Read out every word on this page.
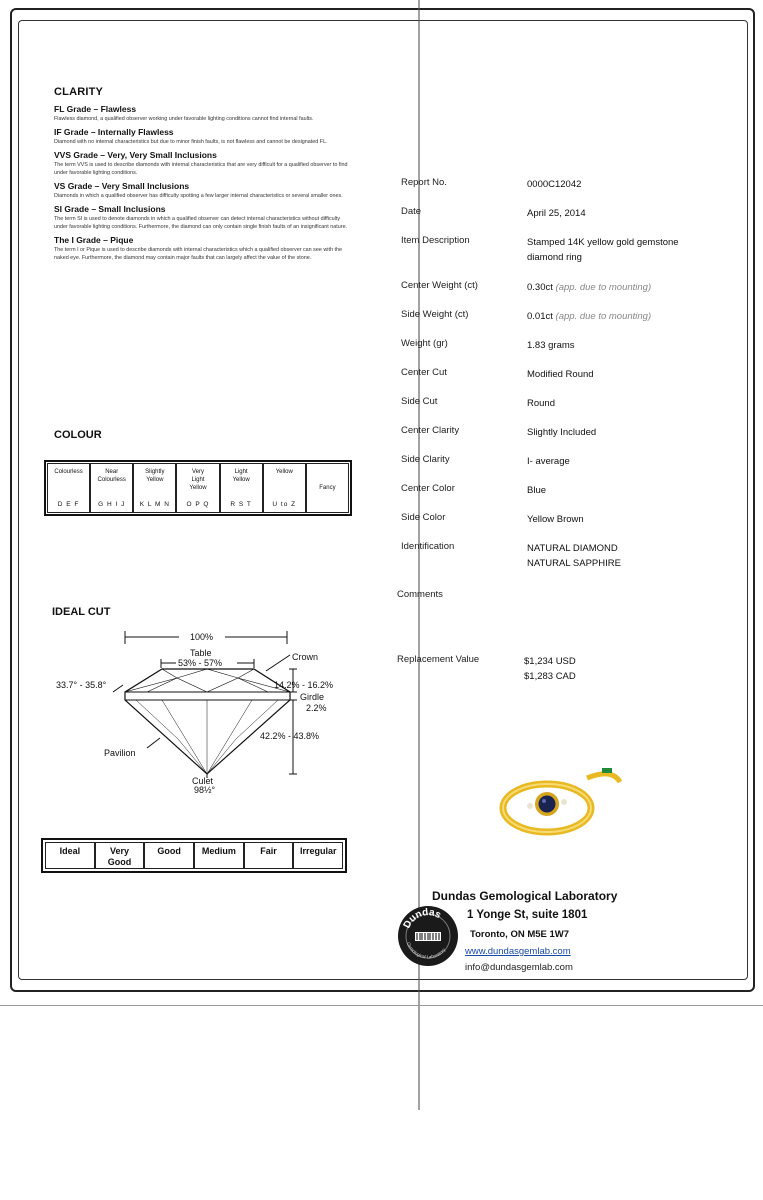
CLARITY
FL Grade – Flawless
Flawless diamond, a qualified observer working under favorable lighting conditions cannot find internal faults.
IF Grade – Internally Flawless
Diamond with no internal characteristics but due to minor finish faults, is not flawless and cannot be designated FL.
VVS Grade – Very, Very Small Inclusions
The term VVS is used to describe diamonds with internal characteristics that are very difficult for a qualified observer to find under favorable lighting conditions.
VS Grade – Very Small Inclusions
Diamonds in which a qualified observer has difficulty spotting a few larger internal characteristics or several smaller ones.
SI Grade – Small Inclusions
The term SI is used to denote diamonds in which a qualified observer can detect internal characteristics without difficulty under favorable lighting conditions. Furthermore, the diamond can only contain single finish faults of an insignificant nature.
The I Grade – Pique
The term I or Pique is used to describe diamonds with internal characteristics which a qualified observer can see with the naked eye. Furthermore, the diamond may contain major faults that can largely affect the value of the stone.
COLOUR
Colourless
D E F
Near
Colourless
G H I J
Slightly
Yellow
K L M N
Very
Light
Yellow
O P Q
Light
Yellow
R S T
Yellow
U to Z
Fancy
IDEAL CUT
100%
Table
53% - 57%
Crown
33.7° - 35.8°	14.2% - 16.2%
Girdle
2.2%
Pavilion
42.2% - 43.8%
Culet
98½°
Ideal	Very
Good
Good	Medium	Fair	Irregular
Report No.	0000C12042
Date	April 25, 2014
Item Description	Stamped 14K yellow gold gemstone diamond ring
Center Weight (ct)	0.30ct (app. due to mounting)
Side Weight (ct)	0.01ct (app. due to mounting)
Weight (gr)	1.83 grams
Center Cut	Modified Round
Side Cut	Round
Center Clarity	Slightly Included
Side Clarity	I- average
Center Color	Blue
Side Color	Yellow Brown
Identification	NATURAL DIAMOND
NATURAL SAPPHIRE
Comments
Replacement Value	$1,234 USD
$1,283 CAD
Dundas
Gemological Laboratory
Dundas Gemological Laboratory
1 Yonge St, suite 1801
Toronto, ON M5E 1W7
www.dundasgemlab.com
info@dundasgemlab.com
